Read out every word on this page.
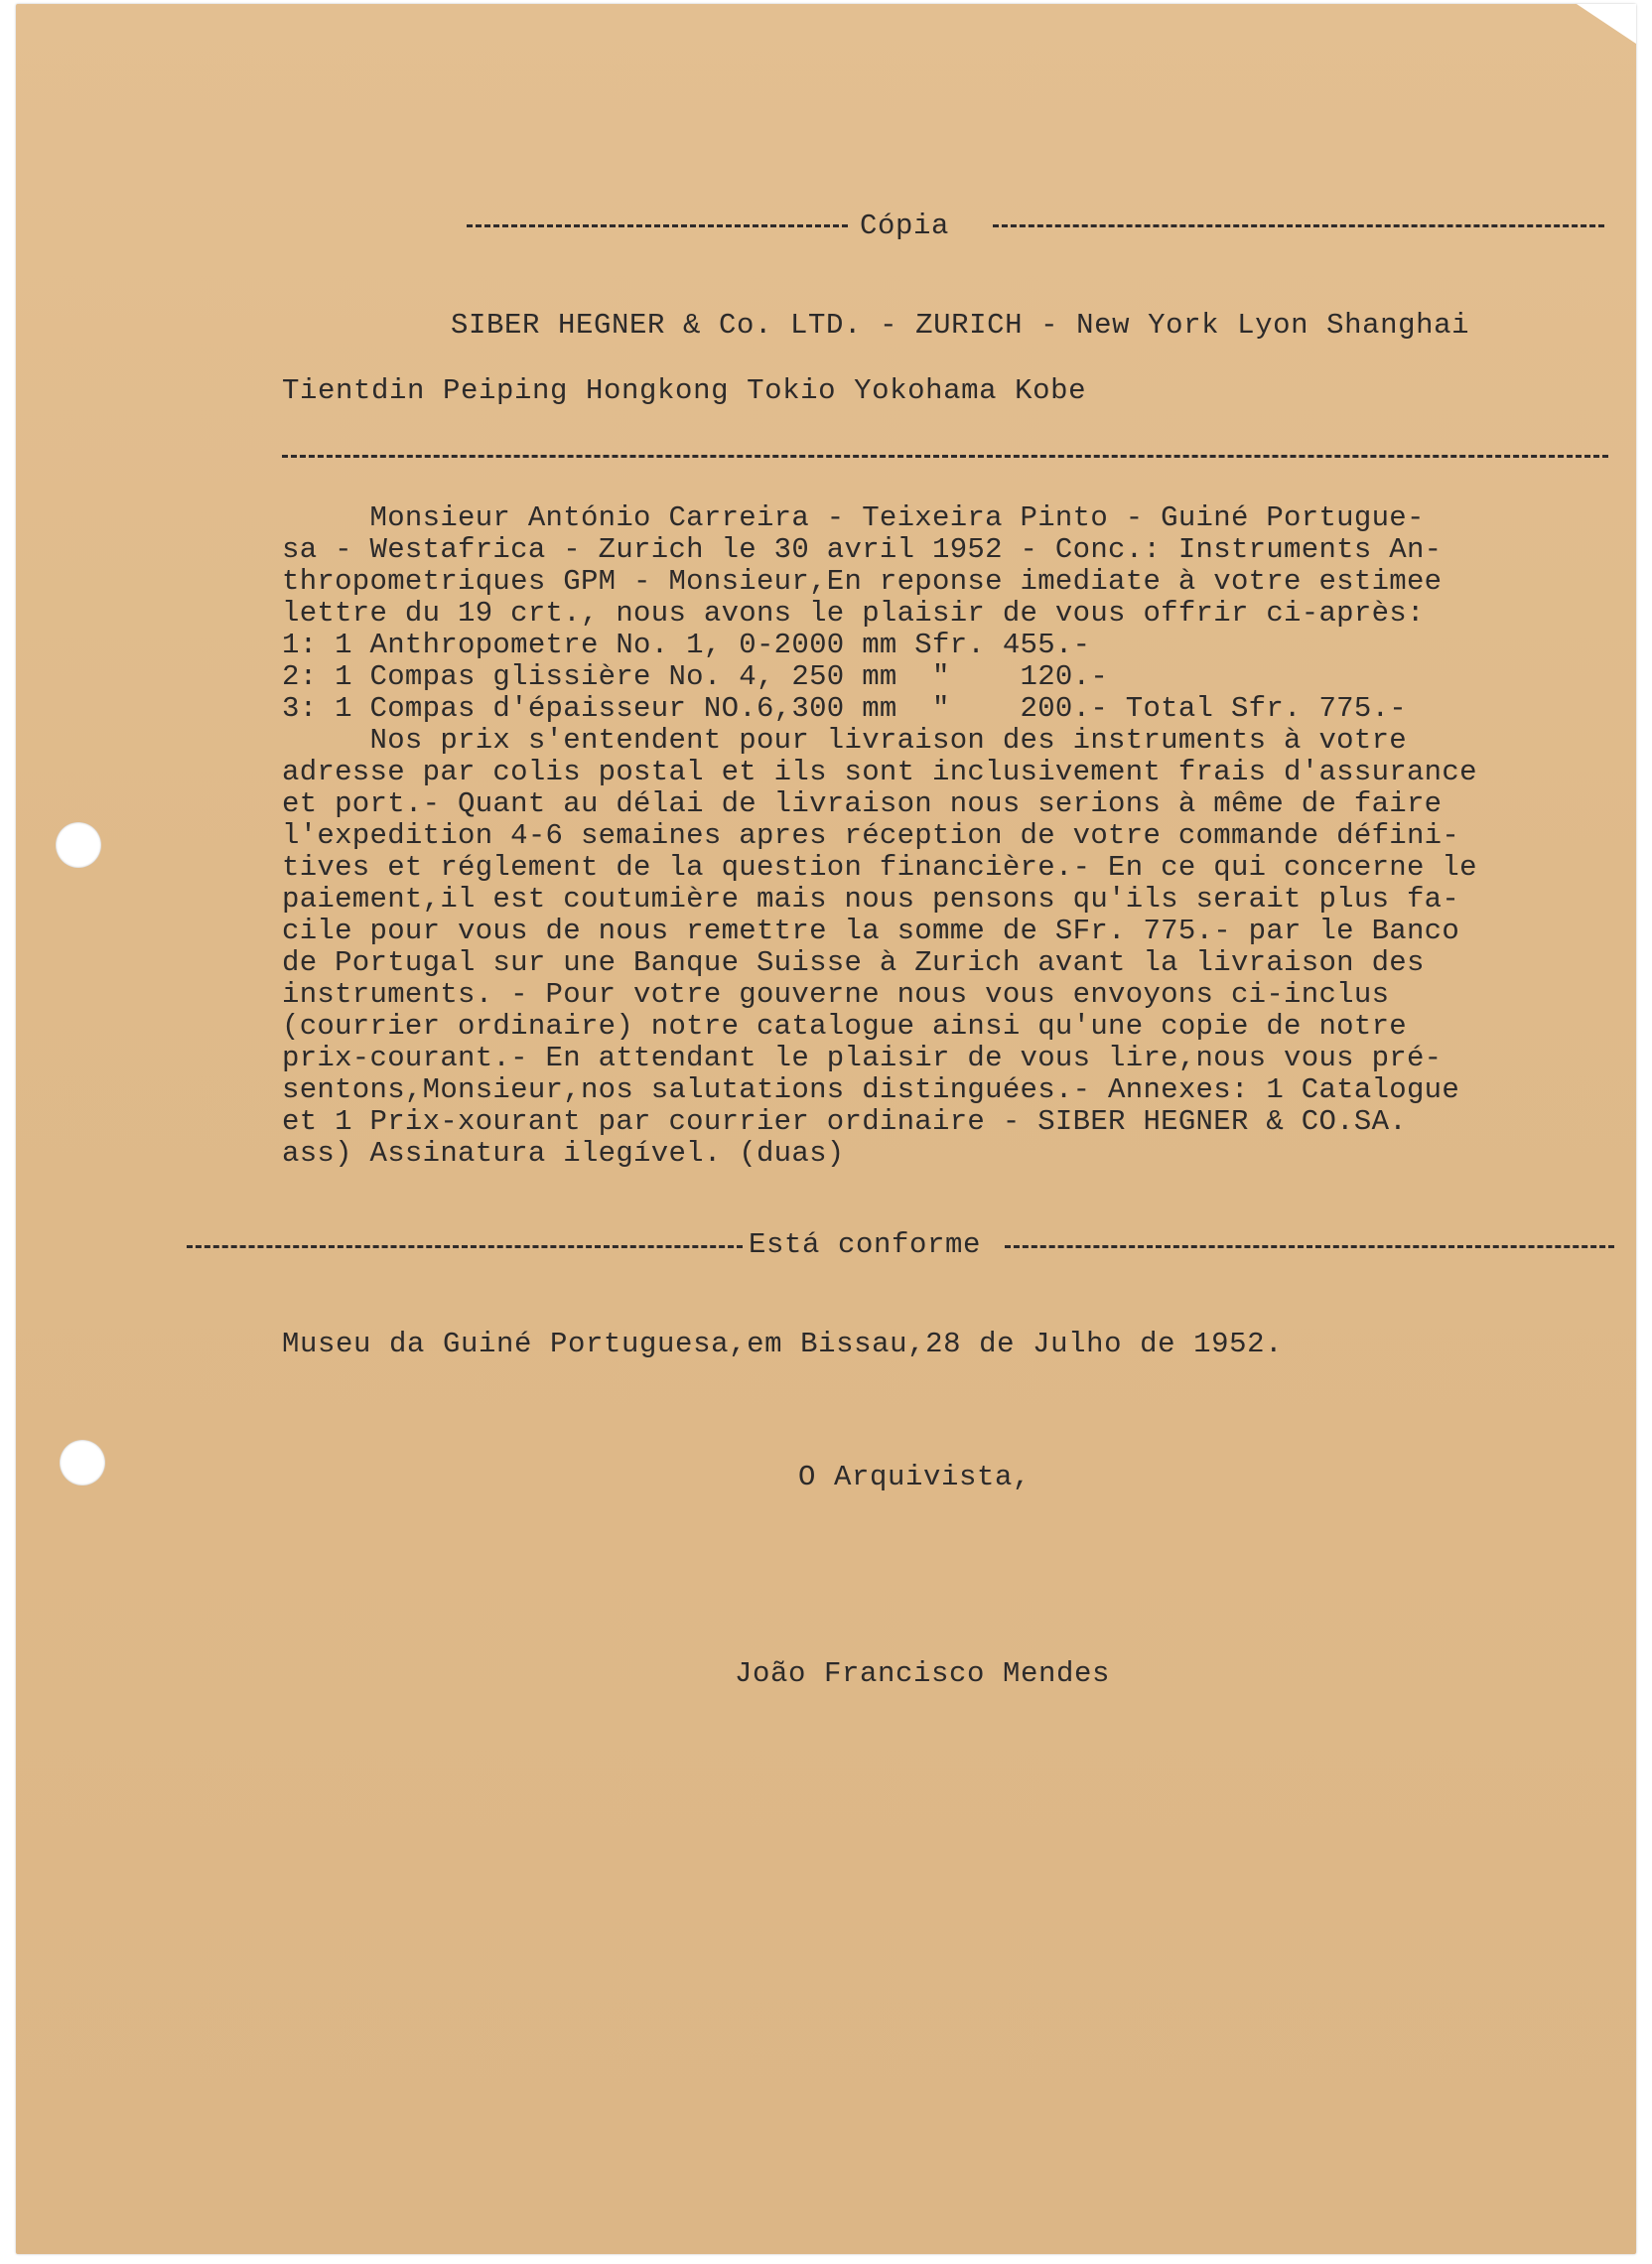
Cópia
SIBER HEGNER & Co. LTD. - ZURICH - New York Lyon Shanghai
Tientdin Peiping Hongkong Tokio Yokohama Kobe
Monsieur António Carreira - Teixeira Pinto - Guiné Portugue-
sa - Westafrica - Zurich le 30 avril 1952 - Conc.: Instruments An-
thropometriques GPM - Monsieur,En reponse imediate à votre estimee
lettre du 19 crt., nous avons le plaisir de vous offrir ci-après:
1: 1 Anthropometre No. 1, 0-2000 mm Sfr. 455.-
2: 1 Compas glissière No. 4, 250 mm  "    120.-
3: 1 Compas d'épaisseur NO.6,300 mm  "    200.- Total Sfr. 775.-
Nos prix s'entendent pour livraison des instruments à votre
adresse par colis postal et ils sont inclusivement frais d'assurance
et port.- Quant au délai de livraison nous serions à même de faire
l'expedition 4-6 semaines apres réception de votre commande défini-
tives et réglement de la question financière.- En ce qui concerne le
paiement,il est coutumière mais nous pensons qu'ils serait plus fa-
cile pour vous de nous remettre la somme de SFr. 775.- par le Banco
de Portugal sur une Banque Suisse à Zurich avant la livraison des
instruments. - Pour votre gouverne nous vous envoyons ci-inclus
(courrier ordinaire) notre catalogue ainsi qu'une copie de notre
prix-courant.- En attendant le plaisir de vous lire,nous vous pré-
sentons,Monsieur,nos salutations distinguées.- Annexes: 1 Catalogue
et 1 Prix-xourant par courrier ordinaire - SIBER HEGNER & CO.SA.
ass) Assinatura ilegível. (duas)
Está conforme
Museu da Guiné Portuguesa,em Bissau,28 de Julho de 1952.
O Arquivista,
João Francisco Mendes
